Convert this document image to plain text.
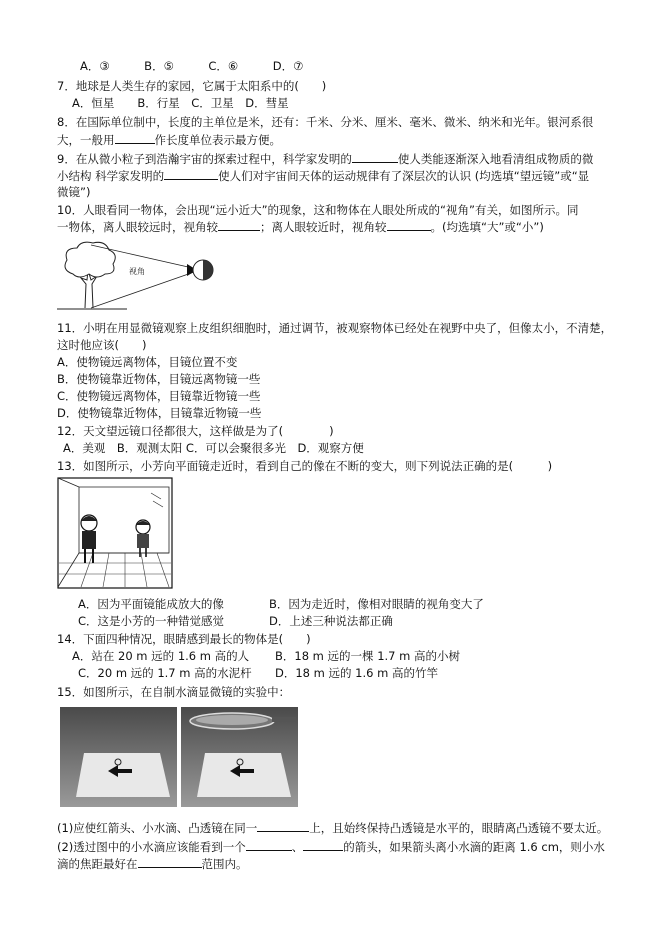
A．③　　　B．⑤　　　C．⑥　　　D．⑦
7．地球是人类生存的家园，它属于太阳系中的(　　)
A．恒星　　B．行星　C．卫星　D．彗星
8．在国际单位制中，长度的主单位是米，还有：千米、分米、厘米、毫米、微米、纳米和光年。银河系很
大，一般用	作长度单位表示最方便。
9．在从微小粒子到浩瀚宇宙的探索过程中，科学家发明的	使人类能逐渐深入地看清组成物质的微
小结构 科学家发明的	使人们对宇宙间天体的运动规律有了深层次的认识 (均选填“望远镜”或“显
微镜”)
10．人眼看同一物体，会出现“远小近大”的现象，这和物体在人眼处所成的“视角”有关，如图所示。同
一物体，离人眼较远时，视角较	；离人眼较近时，视角较	。(均选填“大”或“小”)
视角
11．小明在用显微镜观察上皮组织细胞时，通过调节，被观察物体已经处在视野中央了，但像太小，不清楚，
这时他应该(　　)
A．使物镜远离物体，目镜位置不变
B．使物镜靠近物体，目镜远离物镜一些
C．使物镜远离物体，目镜靠近物镜一些
D．使物镜靠近物体，目镜靠近物镜一些
12．天文望远镜口径都很大，这样做是为了(　　　　)
A．美观　B．观测太阳 C．可以会聚很多光　D．观察方便
13．如图所示，小芳向平面镜走近时，看到自己的像在不断的变大，则下列说法正确的是(　　　)
A．因为平面镜能成放大的像	B．因为走近时，像相对眼睛的视角变大了
C．这是小芳的一种错觉感觉	D．上述三种说法都正确
14．下面四种情况，眼睛感到最长的物体是(　　)
A．站在 20 m 远的 1.6 m 高的人 B．18 m 远的一棵 1.7 m 高的小树
C．20 m 远的 1.7 m 高的水泥杆 D．18 m 远的 1.6 m 高的竹竿
15．如图所示，在自制水滴显微镜的实验中：
(1)应使红箭头、小水滴、凸透镜在同一	上，且始终保持凸透镜是水平的，眼睛离凸透镜不要太近。
(2)透过图中的小水滴应该能看到一个	、	的箭头，如果箭头离小水滴的距离 1.6 cm，则小水
滴的焦距最好在	范围内。
